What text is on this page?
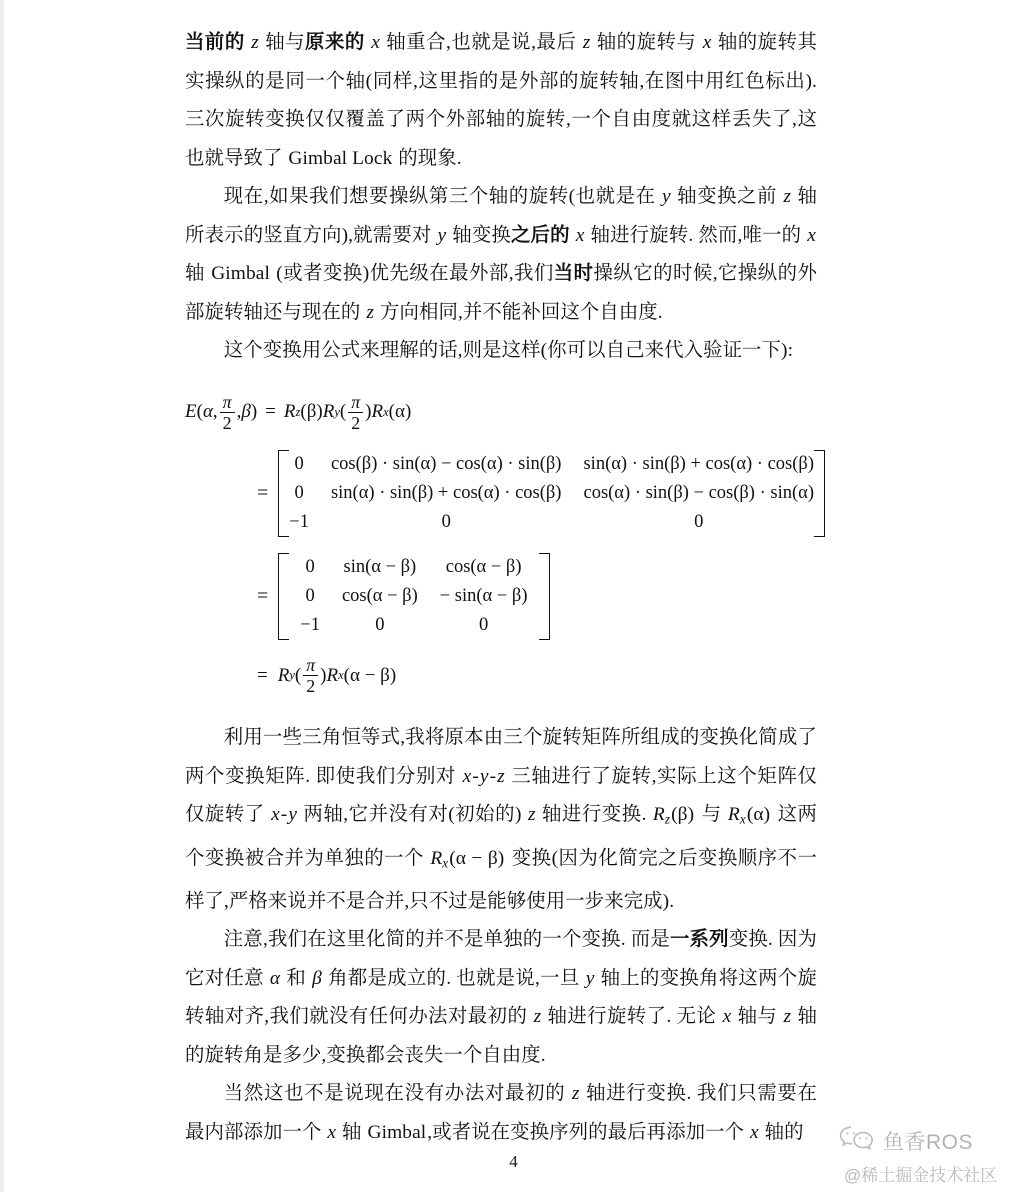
当前的 z 轴与原来的 x 轴重合,也就是说,最后 z 轴的旋转与 x 轴的旋转其实操纵的是同一个轴(同样,这里指的是外部的旋转轴,在图中用红色标出). 三次旋转变换仅仅覆盖了两个外部轴的旋转,一个自由度就这样丢失了,这也就导致了 Gimbal Lock 的现象.

现在,如果我们想要操纵第三个轴的旋转(也就是在 y 轴变换之前 z 轴所表示的竖直方向),就需要对 y 轴变换之后的 x 轴进行旋转. 然而,唯一的 x 轴 Gimbal (或者变换)优先级在最外部,我们当时操纵它的时候,它操纵的外部旋转轴还与现在的 z 方向相同,并不能补回这个自由度.

这个变换用公式来理解的话,则是这样(你可以自己来代入验证一下):

E ( α , $\frac{\pi}{2}$ , β ) = R z (β) R y ( $\frac{\pi}{2}$ ) R x (α)
=
0	cos(β) · sin(α) − cos(α) · sin(β)	sin(α) · sin(β) + cos(α) · cos(β)
0	sin(α) · sin(β) + cos(α) · cos(β)	cos(α) · sin(β) − cos(β) · sin(α)
−1	0	0
=
0	sin(α − β)	cos(α − β)
0	cos(α − β)	− sin(α − β)
−1	0	0
= R y ( $\frac{\pi}{2}$ ) R x (α − β)

利用一些三角恒等式,我将原本由三个旋转矩阵所组成的变换化简成了两个变换矩阵. 即使我们分别对 x-y-z 三轴进行了旋转,实际上这个矩阵仅仅旋转了 x-y 两轴,它并没有对(初始的) z 轴进行变换. Rz(β) 与 Rx(α) 这两个变换被合并为单独的一个 Rx(α − β) 变换(因为化简完之后变换顺序不一样了,严格来说并不是合并,只不过是能够使用一步来完成).

注意,我们在这里化简的并不是单独的一个变换. 而是一系列变换. 因为它对任意 α 和 β 角都是成立的. 也就是说,一旦 y 轴上的变换角将这两个旋转轴对齐,我们就没有任何办法对最初的 z 轴进行旋转了. 无论 x 轴与 z 轴的旋转角是多少,变换都会丧失一个自由度.

当然这也不是说现在没有办法对最初的 z 轴进行变换. 我们只需要在最内部添加一个 x 轴 Gimbal,或者说在变换序列的最后再添加一个 x 轴的

4
鱼香ROS
@稀土掘金技术社区
